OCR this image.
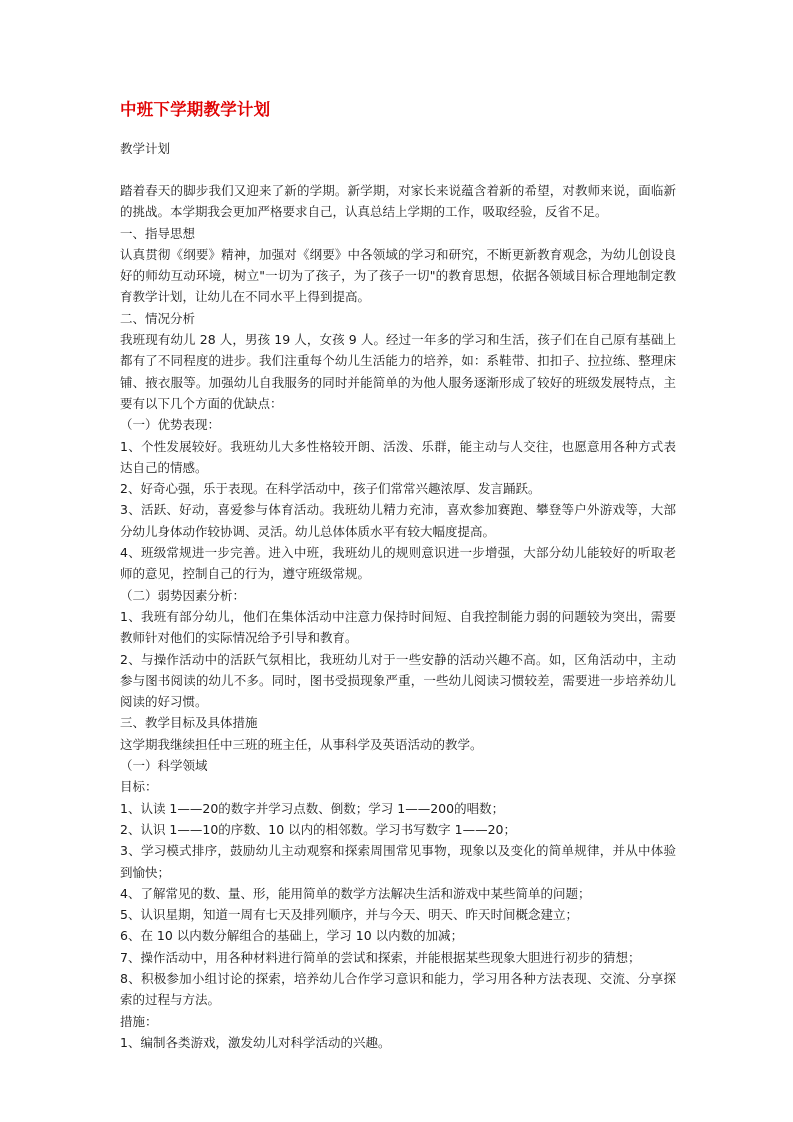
中班下学期教学计划
教学计划

踏着春天的脚步我们又迎来了新的学期。新学期，对家长来说蕴含着新的希望，对教师来说，面临新的挑战。本学期我会更加严格要求自己，认真总结上学期的工作，吸取经验，反省不足。

一、指导思想

认真贯彻《纲要》精神，加强对《纲要》中各领域的学习和研究，不断更新教育观念，为幼儿创设良好的师幼互动环境，树立"一切为了孩子，为了孩子一切"的教育思想，依据各领域目标合理地制定教育教学计划，让幼儿在不同水平上得到提高。

二、情况分析

我班现有幼儿 28 人，男孩 19 人，女孩 9 人。经过一年多的学习和生活，孩子们在自己原有基础上都有了不同程度的进步。我们注重每个幼儿生活能力的培养，如：系鞋带、扣扣子、拉拉练、整理床铺、掖衣服等。加强幼儿自我服务的同时并能简单的为他人服务逐渐形成了较好的班级发展特点，主要有以下几个方面的优缺点：

（一）优势表现：

1、个性发展较好。我班幼儿大多性格较开朗、活泼、乐群，能主动与人交往，也愿意用各种方式表达自己的情感。

2、好奇心强，乐于表现。在科学活动中，孩子们常常兴趣浓厚、发言踊跃。

3、活跃、好动，喜爱参与体育活动。我班幼儿精力充沛，喜欢参加赛跑、攀登等户外游戏等，大部分幼儿身体动作较协调、灵活。幼儿总体体质水平有较大幅度提高。

4、班级常规进一步完善。进入中班，我班幼儿的规则意识进一步增强，大部分幼儿能较好的听取老师的意见，控制自己的行为，遵守班级常规。

（二）弱势因素分析：

1、我班有部分幼儿，他们在集体活动中注意力保持时间短、自我控制能力弱的问题较为突出，需要教师针对他们的实际情况给予引导和教育。

2、与操作活动中的活跃气氛相比，我班幼儿对于一些安静的活动兴趣不高。如，区角活动中，主动参与图书阅读的幼儿不多。同时，图书受损现象严重，一些幼儿阅读习惯较差，需要进一步培养幼儿阅读的好习惯。

三、教学目标及具体措施

这学期我继续担任中三班的班主任，从事科学及英语活动的教学。

（一）科学领域

目标：

1、认读 1——20的数字并学习点数、倒数；学习 1——200的唱数；

2、认识 1——10的序数、10 以内的相邻数。学习书写数字 1——20；

3、学习模式排序，鼓励幼儿主动观察和探索周围常见事物，现象以及变化的简单规律，并从中体验到愉快；

4、了解常见的数、量、形，能用简单的数学方法解决生活和游戏中某些简单的问题；

5、认识星期，知道一周有七天及排列顺序，并与今天、明天、昨天时间概念建立；

6、在 10 以内数分解组合的基础上，学习 10 以内数的加减；

7、操作活动中，用各种材料进行简单的尝试和探索，并能根据某些现象大胆进行初步的猜想；

8、积极参加小组讨论的探索，培养幼儿合作学习意识和能力，学习用各种方法表现、交流、分享探索的过程与方法。

措施：

1、编制各类游戏，激发幼儿对科学活动的兴趣。
